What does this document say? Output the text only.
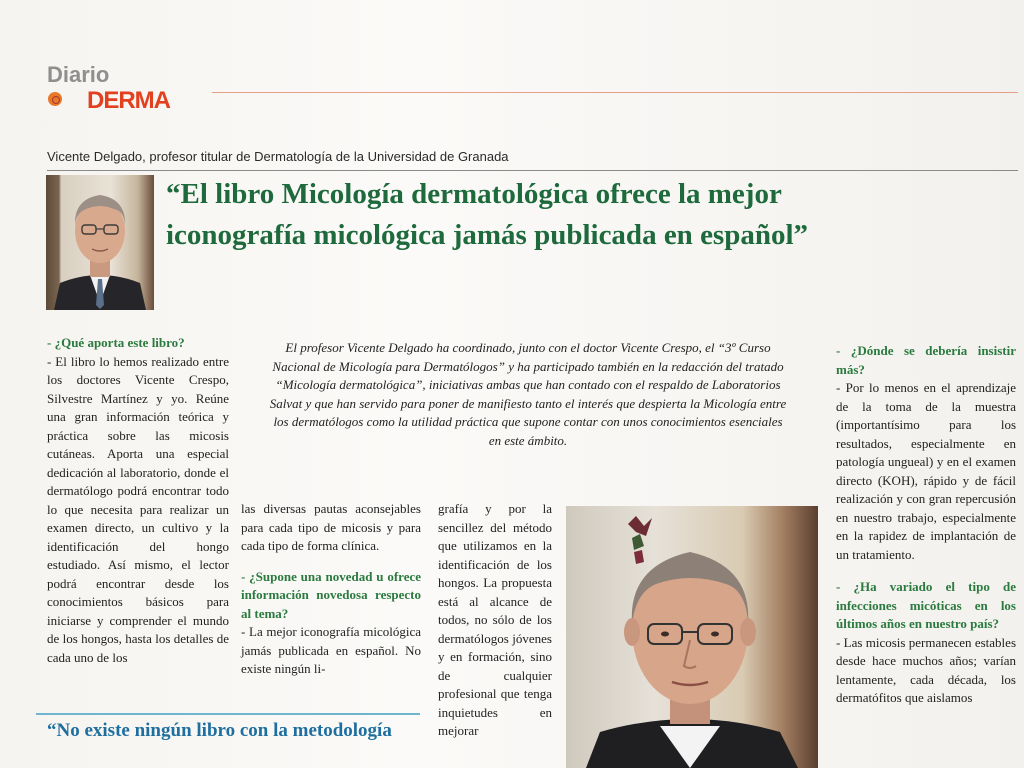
Diario
DERMA
Vicente Delgado, profesor titular de Dermatología de la Universidad de Granada
“El libro Micología dermatológica ofrece la mejor iconografía micológica jamás publicada en español”
- ¿Qué aporta este libro?
- El libro lo hemos realizado entre los doctores Vicente Crespo, Silvestre Martínez y yo. Reúne una gran información teórica y práctica sobre las micosis cutáneas. Aporta una especial dedicación al laboratorio, donde el dermatólogo podrá encontrar todo lo que necesita para realizar un examen directo, un cultivo y la identificación del hongo estudiado. Así mismo, el lector podrá encontrar desde los conocimientos básicos para iniciarse y comprender el mundo de los hongos, hasta los detalles de cada uno de los
El profesor Vicente Delgado ha coordinado, junto con el doctor Vicente Crespo, el “3º Curso Nacional de Micología para Dermatólogos” y ha participado también en la redacción del tratado “Micología dermatológica”, iniciativas ambas que han contado con el respaldo de Laboratorios Salvat y que han servido para poner de manifiesto tanto el interés que despierta la Micología entre los dermatólogos como la utilidad práctica que supone contar con unos conocimientos esenciales en este ámbito.
las diversas pautas aconsejables para cada tipo de micosis y para cada tipo de forma clínica.
- ¿Supone una novedad u ofrece información novedosa respecto al tema?
- La mejor iconografía micológica jamás publicada en español. No existe ningún li-
grafía y por la sencillez del método que utilizamos en la identificación de los hongos. La propuesta está al alcance de todos, no sólo de los dermatólogos jóvenes y en formación, sino de cualquier profesional que tenga inquietudes en mejorar
- ¿Dónde se debería insistir más?
- Por lo menos en el aprendizaje de la toma de la muestra (importantísimo para los resultados, especialmente en patología ungueal) y en el examen directo (KOH), rápido y de fácil realización y con gran repercusión en nuestro trabajo, especialmente en la rapidez de implantación de un tratamiento.
- ¿Ha variado el tipo de infecciones micóticas en los últimos años en nuestro país?
- Las micosis permanecen estables desde hace muchos años; varían lentamente, cada década, los dermatófitos que aislamos
“No existe ningún libro con la metodología
